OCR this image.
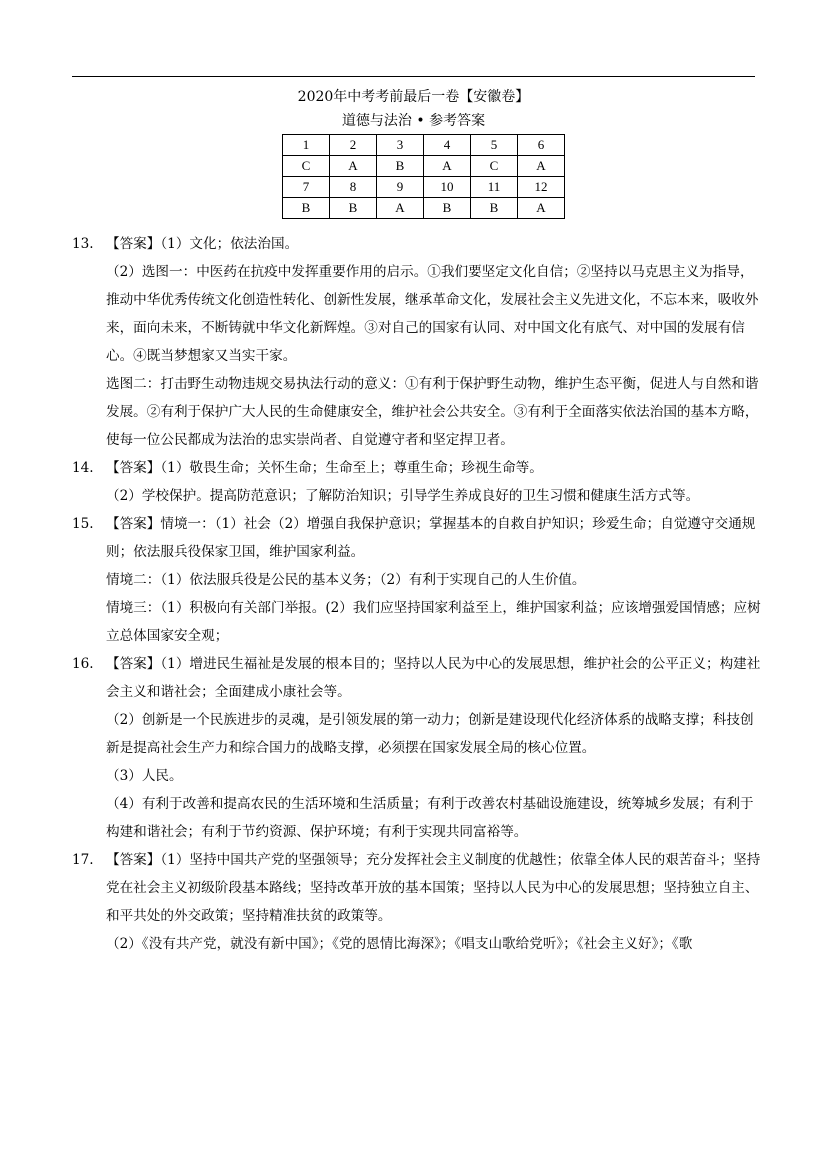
2020年中考考前最后一卷【安徽卷】
道德与法治 • 参考答案
1	2	3	4	5	6
C	A	B	A	C	A
7	8	9	10	11	12
B	B	A	B	B	A
13. 【答案】（1）文化；依法治国。

（2）选图一：中医药在抗疫中发挥重要作用的启示。①我们要坚定文化自信；②坚持以马克思主义为指导，推动中华优秀传统文化创造性转化、创新性发展，继承革命文化，发展社会主义先进文化，不忘本来，吸收外来，面向未来，不断铸就中华文化新辉煌。③对自己的国家有认同、对中国文化有底气、对中国的发展有信心。④既当梦想家又当实干家。

选图二：打击野生动物违规交易执法行动的意义：①有利于保护野生动物，维护生态平衡，促进人与自然和谐发展。②有利于保护广大人民的生命健康安全，维护社会公共安全。③有利于全面落实依法治国的基本方略，使每一位公民都成为法治的忠实崇尚者、自觉遵守者和坚定捍卫者。

14. 【答案】（1）敬畏生命；关怀生命；生命至上；尊重生命；珍视生命等。

（2）学校保护。提高防范意识；了解防治知识；引导学生养成良好的卫生习惯和健康生活方式等。

15. 【答案】情境一：（1）社会（2）增强自我保护意识；掌握基本的自救自护知识；珍爱生命；自觉遵守交通规则；依法服兵役保家卫国，维护国家利益。

情境二：（1）依法服兵役是公民的基本义务；（2）有利于实现自己的人生价值。

情境三：（1）积极向有关部门举报。(2）我们应坚持国家利益至上，维护国家利益；应该增强爱国情感；应树立总体国家安全观；

16. 【答案】（1）增进民生福祉是发展的根本目的；坚持以人民为中心的发展思想，维护社会的公平正义；构建社会主义和谐社会；全面建成小康社会等。

（2）创新是一个民族进步的灵魂，是引领发展的第一动力；创新是建设现代化经济体系的战略支撑；科技创新是提高社会生产力和综合国力的战略支撑，必须摆在国家发展全局的核心位置。

（3）人民。

（4）有利于改善和提高农民的生活环境和生活质量；有利于改善农村基础设施建设，统筹城乡发展；有利于构建和谐社会；有利于节约资源、保护环境；有利于实现共同富裕等。

17. 【答案】（1）坚持中国共产党的坚强领导；充分发挥社会主义制度的优越性；依靠全体人民的艰苦奋斗；坚持党在社会主义初级阶段基本路线；坚持改革开放的基本国策；坚持以人民为中心的发展思想；坚持独立自主、和平共处的外交政策；坚持精准扶贫的政策等。

（2）《没有共产党，就没有新中国》；《党的恩情比海深》；《唱支山歌给党听》；《社会主义好》；《歌
